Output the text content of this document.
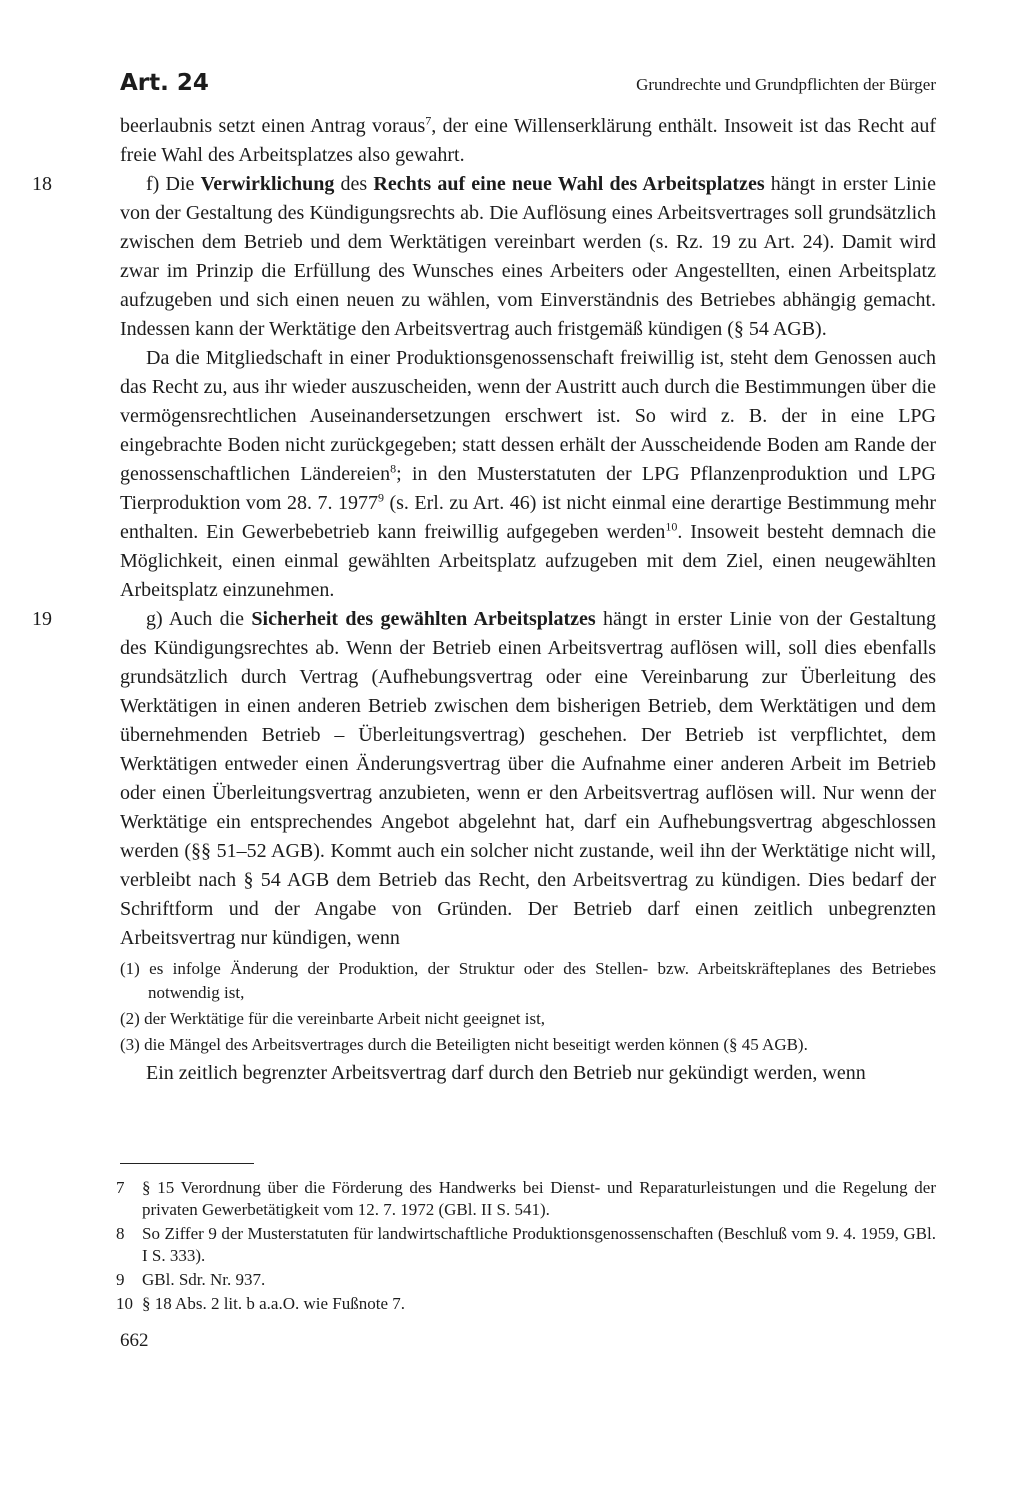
Art. 24	Grundrechte und Grundpflichten der Bürger

beerlaubnis setzt einen Antrag voraus$^7$, der eine Willenserklärung enthält. Insoweit ist das Recht auf freie Wahl des Arbeitsplatzes also gewahrt.

18	f) Die Verwirklichung des Rechts auf eine neue Wahl des Arbeitsplatzes hängt in erster Linie von der Gestaltung des Kündigungsrechts ab. Die Auflösung eines Arbeitsvertrages soll grundsätzlich zwischen dem Betrieb und dem Werktätigen vereinbart werden (s. Rz. 19 zu Art. 24). Damit wird zwar im Prinzip die Erfüllung des Wunsches eines Arbeiters oder Angestellten, einen Arbeitsplatz aufzugeben und sich einen neuen zu wählen, vom Einverständnis des Betriebes abhängig gemacht. Indessen kann der Werktätige den Arbeitsvertrag auch fristgemäß kündigen (§ 54 AGB).

Da die Mitgliedschaft in einer Produktionsgenossenschaft freiwillig ist, steht dem Genossen auch das Recht zu, aus ihr wieder auszuscheiden, wenn der Austritt auch durch die Bestimmungen über die vermögensrechtlichen Auseinandersetzungen erschwert ist. So wird z. B. der in eine LPG eingebrachte Boden nicht zurückgegeben; statt dessen erhält der Ausscheidende Boden am Rande der genossenschaftlichen Ländereien$^8$; in den Musterstatuten der LPG Pflanzenproduktion und LPG Tierproduktion vom 28. 7. 1977$^9$ (s. Erl. zu Art. 46) ist nicht einmal eine derartige Bestimmung mehr enthalten. Ein Gewerbebetrieb kann freiwillig aufgegeben werden$^{10}$. Insoweit besteht demnach die Möglichkeit, einen einmal gewählten Arbeitsplatz aufzugeben mit dem Ziel, einen neugewählten Arbeitsplatz einzunehmen.

19	g) Auch die Sicherheit des gewählten Arbeitsplatzes hängt in erster Linie von der Gestaltung des Kündigungsrechtes ab. Wenn der Betrieb einen Arbeitsvertrag auflösen will, soll dies ebenfalls grundsätzlich durch Vertrag (Aufhebungsvertrag oder eine Vereinbarung zur Überleitung des Werktätigen in einen anderen Betrieb zwischen dem bisherigen Betrieb, dem Werktätigen und dem übernehmenden Betrieb – Überleitungsvertrag) geschehen. Der Betrieb ist verpflichtet, dem Werktätigen entweder einen Änderungsvertrag über die Aufnahme einer anderen Arbeit im Betrieb oder einen Überleitungsvertrag anzubieten, wenn er den Arbeitsvertrag auflösen will. Nur wenn der Werktätige ein entsprechendes Angebot abgelehnt hat, darf ein Aufhebungsvertrag abgeschlossen werden (§§ 51–52 AGB). Kommt auch ein solcher nicht zustande, weil ihn der Werktätige nicht will, verbleibt nach § 54 AGB dem Betrieb das Recht, den Arbeitsvertrag zu kündigen. Dies bedarf der Schriftform und der Angabe von Gründen. Der Betrieb darf einen zeitlich unbegrenzten Arbeitsvertrag nur kündigen, wenn

(1) es infolge Änderung der Produktion, der Struktur oder des Stellen- bzw. Arbeitskräfteplanes des Betriebes notwendig ist,
(2) der Werktätige für die vereinbarte Arbeit nicht geeignet ist,
(3) die Mängel des Arbeitsvertrages durch die Beteiligten nicht beseitigt werden können (§ 45 AGB).

Ein zeitlich begrenzter Arbeitsvertrag darf durch den Betrieb nur gekündigt werden, wenn

7 § 15 Verordnung über die Förderung des Handwerks bei Dienst- und Reparaturleistungen und die Regelung der privaten Gewerbetätigkeit vom 12. 7. 1972 (GBl. II S. 541).
8 So Ziffer 9 der Musterstatuten für landwirtschaftliche Produktionsgenossenschaften (Beschluß vom 9. 4. 1959, GBl. I S. 333).
9 GBl. Sdr. Nr. 937.
10 § 18 Abs. 2 lit. b a.a.O. wie Fußnote 7.
662
